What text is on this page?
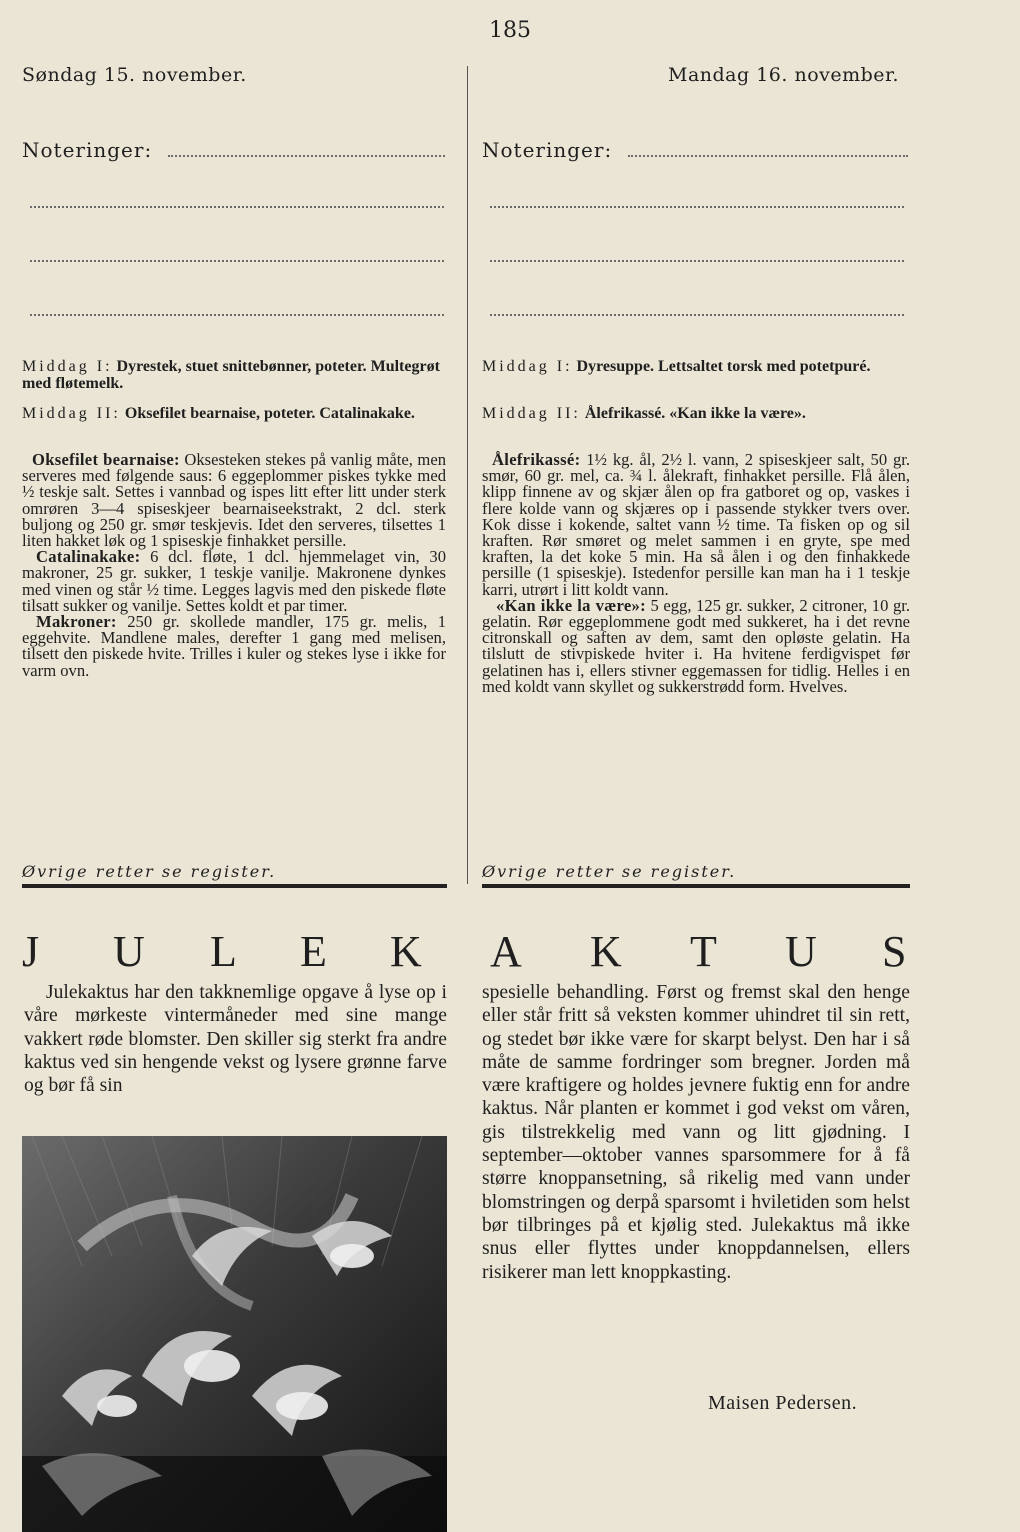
185
Søndag 15. november.	Mandag 16. november.
Noteringer:	Noteringer:
Middag I: Dyrestek, stuet snittebønner, poteter. Multegrøt med fløtemelk.
Middag II: Oksefilet bearnaise, poteter. Catalinakake.

Oksefilet bearnaise: Oksesteken stekes på vanlig måte, men serveres med følgende saus: 6 eggeplommer piskes tykke med ½ teskje salt. Settes i vannbad og ispes litt efter litt under sterk omrøren 3—4 spiseskjeer bearnaiseekstrakt, 2 dcl. sterk buljong og 250 gr. smør teskjevis. Idet den serveres, tilsettes 1 liten hakket løk og 1 spiseskje finhakket persille.

Catalinakake: 6 dcl. fløte, 1 dcl. hjemmelaget vin, 30 makroner, 25 gr. sukker, 1 teskje vanilje. Makronene dynkes med vinen og står ½ time. Legges lagvis med den piskede fløte tilsatt sukker og vanilje. Settes koldt et par timer.

Makroner: 250 gr. skollede mandler, 175 gr. melis, 1 eggehvite. Mandlene males, derefter 1 gang med melisen, tilsett den piskede hvite. Trilles i kuler og stekes lyse i ikke for varm ovn.

Øvrige retter se register.
Middag I: Dyresuppe. Lettsaltet torsk med potetpuré.
Middag II: Ålefrikassé. «Kan ikke la være».

Ålefrikassé: 1½ kg. ål, 2½ l. vann, 2 spiseskjeer salt, 50 gr. smør, 60 gr. mel, ca. ¾ l. ålekraft, finhakket persille. Flå ålen, klipp finnene av og skjær ålen op fra gatboret og op, vaskes i flere kolde vann og skjæres op i passende stykker tvers over. Kok disse i kokende, saltet vann ½ time. Ta fisken op og sil kraften. Rør smøret og melet sammen i en gryte, spe med kraften, la det koke 5 min. Ha så ålen i og den finhakkede persille (1 spiseskje). Istedenfor persille kan man ha i 1 teskje karri, utrørt i litt koldt vann.

«Kan ikke la være»: 5 egg, 125 gr. sukker, 2 citroner, 10 gr. gelatin. Rør eggeplommene godt med sukkeret, ha i det revne citronskall og saften av dem, samt den opløste gelatin. Ha tilslutt de stivpiskede hviter i. Ha hvitene ferdigvispet før gelatinen has i, ellers stivner eggemassen for tidlig. Helles i en med koldt vann skyllet og sukkerstrødd form. Hvelves.

Øvrige retter se register.
J U L E K A K T U S
Julekaktus har den takknemlige opgave å lyse op i våre mørkeste vintermåneder med sine mange vakkert røde blomster. Den skiller sig sterkt fra andre kaktus ved sin hengende vekst og lysere grønne farve og bør få sin
spesielle behandling. Først og fremst skal den henge eller står fritt så veksten kommer uhindret til sin rett, og stedet bør ikke være for skarpt belyst. Den har i så måte de samme fordringer som bregner. Jorden må være kraftigere og holdes jevnere fuktig enn for andre kaktus. Når planten er kommet i god vekst om våren, gis tilstrekkelig med vann og litt gjødning. I september—oktober vannes sparsommere for å få større knoppansetning, så rikelig med vann under blomstringen og derpå sparsomt i hviletiden som helst bør tilbringes på et kjølig sted. Julekaktus må ikke snus eller flyttes under knoppdannelsen, ellers risikerer man lett knoppkasting.
Maisen Pedersen.
